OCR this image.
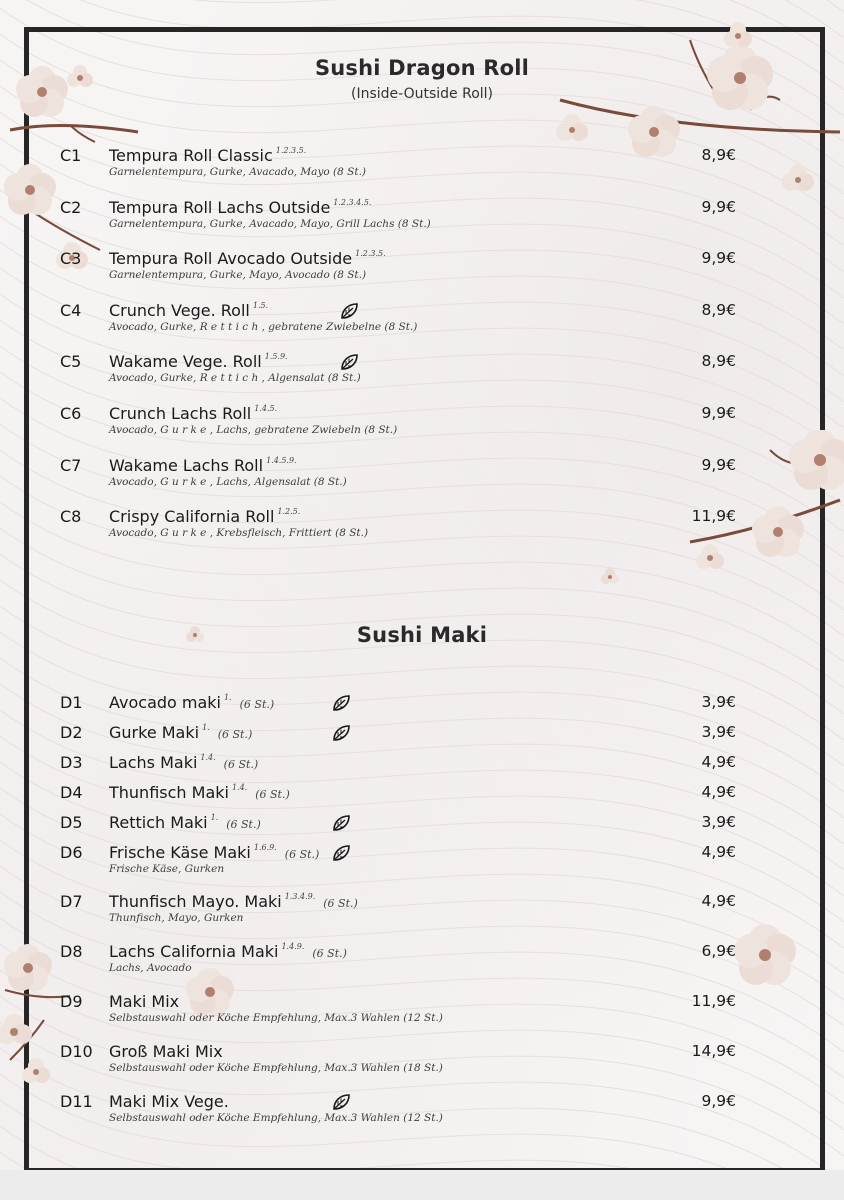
Sushi Dragon Roll
(Inside-Outside Roll)
C1 Tempura Roll Classic $^{1.2.3.5.}$
Garnelentempura, Gurke, Avacado, Mayo (8 St.)
8,9€
C2 Tempura Roll Lachs Outside $^{1.2.3.4.5.}$
Garnelentempura, Gurke, Avacado, Mayo, Grill Lachs (8 St.)
9,9€
C3 Tempura Roll Avocado Outside $^{1.2.3.5.}$
Garnelentempura, Gurke, Mayo, Avocado (8 St.)
9,9€
C4 Crunch Vege. Roll $^{1.5.}$
Avocado, Gurke, R e t t i c h , gebratene Zwiebelne (8 St.)
8,9€
C5 Wakame Vege. Roll $^{1.5.9.}$
Avocado, Gurke, R e t t i c h , Algensalat (8 St.)
8,9€
C6 Crunch Lachs Roll $^{1.4.5.}$
Avocado, G u r k e , Lachs, gebratene Zwiebeln (8 St.)
9,9€
C7 Wakame Lachs Roll $^{1.4.5.9.}$
Avocado, G u r k e , Lachs, Algensalat (8 St.)
9,9€
C8 Crispy California Roll $^{1.2.5.}$
Avocado, G u r k e , Krebsfleisch, Frittiert (8 St.)
11,9€
Sushi Maki
D1 Avocado maki $^{1.}$(6 St.)	3,9€
D2 Gurke Maki $^{1.}$(6 St.)	3,9€
D3 Lachs Maki $^{1.4.}$(6 St.)	4,9€
D4 Thunfisch Maki $^{1.4.}$(6 St.)	4,9€
D5 Rettich Maki $^{1.}$(6 St.)	3,9€
D6 Frische Käse Maki $^{1.6.9.}$(6 St.)
Frische Käse, Gurken
4,9€
D7 Thunfisch Mayo. Maki $^{1.3.4.9.}$(6 St.)
Thunfisch, Mayo, Gurken
4,9€
D8 Lachs California Maki $^{1.4.9.}$(6 St.)
Lachs, Avocado
6,9€
D9 Maki Mix
Selbstauswahl oder Köche Empfehlung, Max.3 Wahlen (12 St.)
11,9€
D10 Groß Maki Mix
Selbstauswahl oder Köche Empfehlung, Max.3 Wahlen (18 St.)
14,9€
D11 Maki Mix Vege.
Selbstauswahl oder Köche Empfehlung, Max.3 Wahlen (12 St.)
9,9€
